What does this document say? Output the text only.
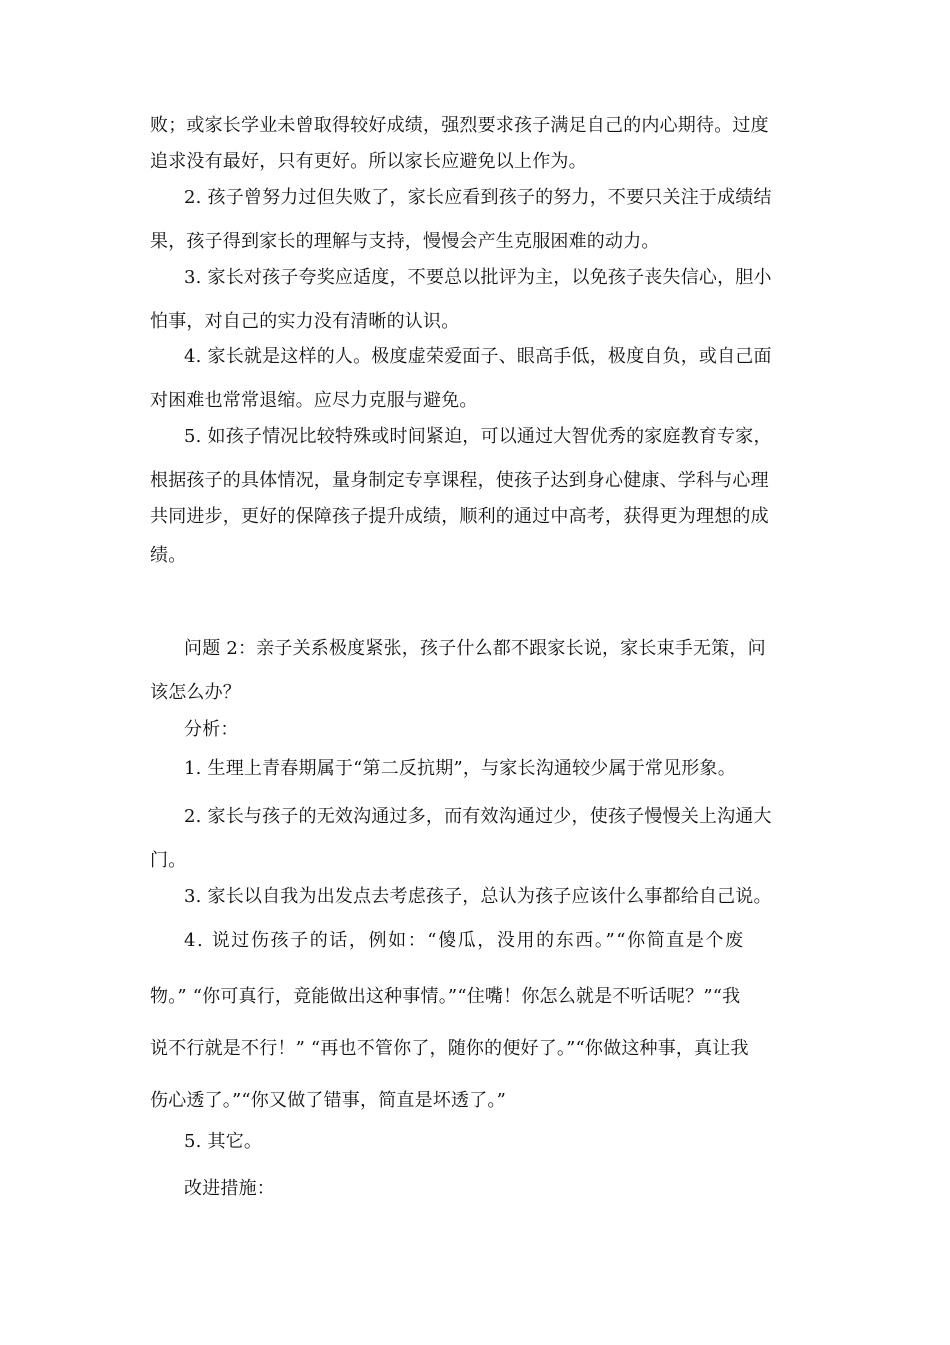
败；或家长学业未曾取得较好成绩，强烈要求孩子满足自己的内心期待。过度
追求没有最好，只有更好。所以家长应避免以上作为。
2. 孩子曾努力过但失败了，家长应看到孩子的努力，不要只关注于成绩结
果，孩子得到家长的理解与支持，慢慢会产生克服困难的动力。
3. 家长对孩子夸奖应适度，不要总以批评为主，以免孩子丧失信心，胆小
怕事，对自己的实力没有清晰的认识。
4. 家长就是这样的人。极度虚荣爱面子、眼高手低，极度自负，或自己面
对困难也常常退缩。应尽力克服与避免。
5. 如孩子情况比较特殊或时间紧迫，可以通过大智优秀的家庭教育专家，
根据孩子的具体情况，量身制定专享课程，使孩子达到身心健康、学科与心理
共同进步，更好的保障孩子提升成绩，顺利的通过中高考，获得更为理想的成
绩。
问题 2：亲子关系极度紧张，孩子什么都不跟家长说，家长束手无策，问
该怎么办？
分析：
1. 生理上青春期属于“第二反抗期”，与家长沟通较少属于常见形象。
2. 家长与孩子的无效沟通过多，而有效沟通过少，使孩子慢慢关上沟通大
门。
3. 家长以自我为出发点去考虑孩子，总认为孩子应该什么事都给自己说。
4. 说过伤孩子的话，例如：“傻瓜，没用的东西。”“你简直是个废
物。” “你可真行，竟能做出这种事情。”“住嘴！你怎么就是不听话呢？”“我
说不行就是不行！” “再也不管你了，随你的便好了。”“你做这种事，真让我
伤心透了。”“你又做了错事，简直是坏透了。”
5. 其它。
改进措施：
